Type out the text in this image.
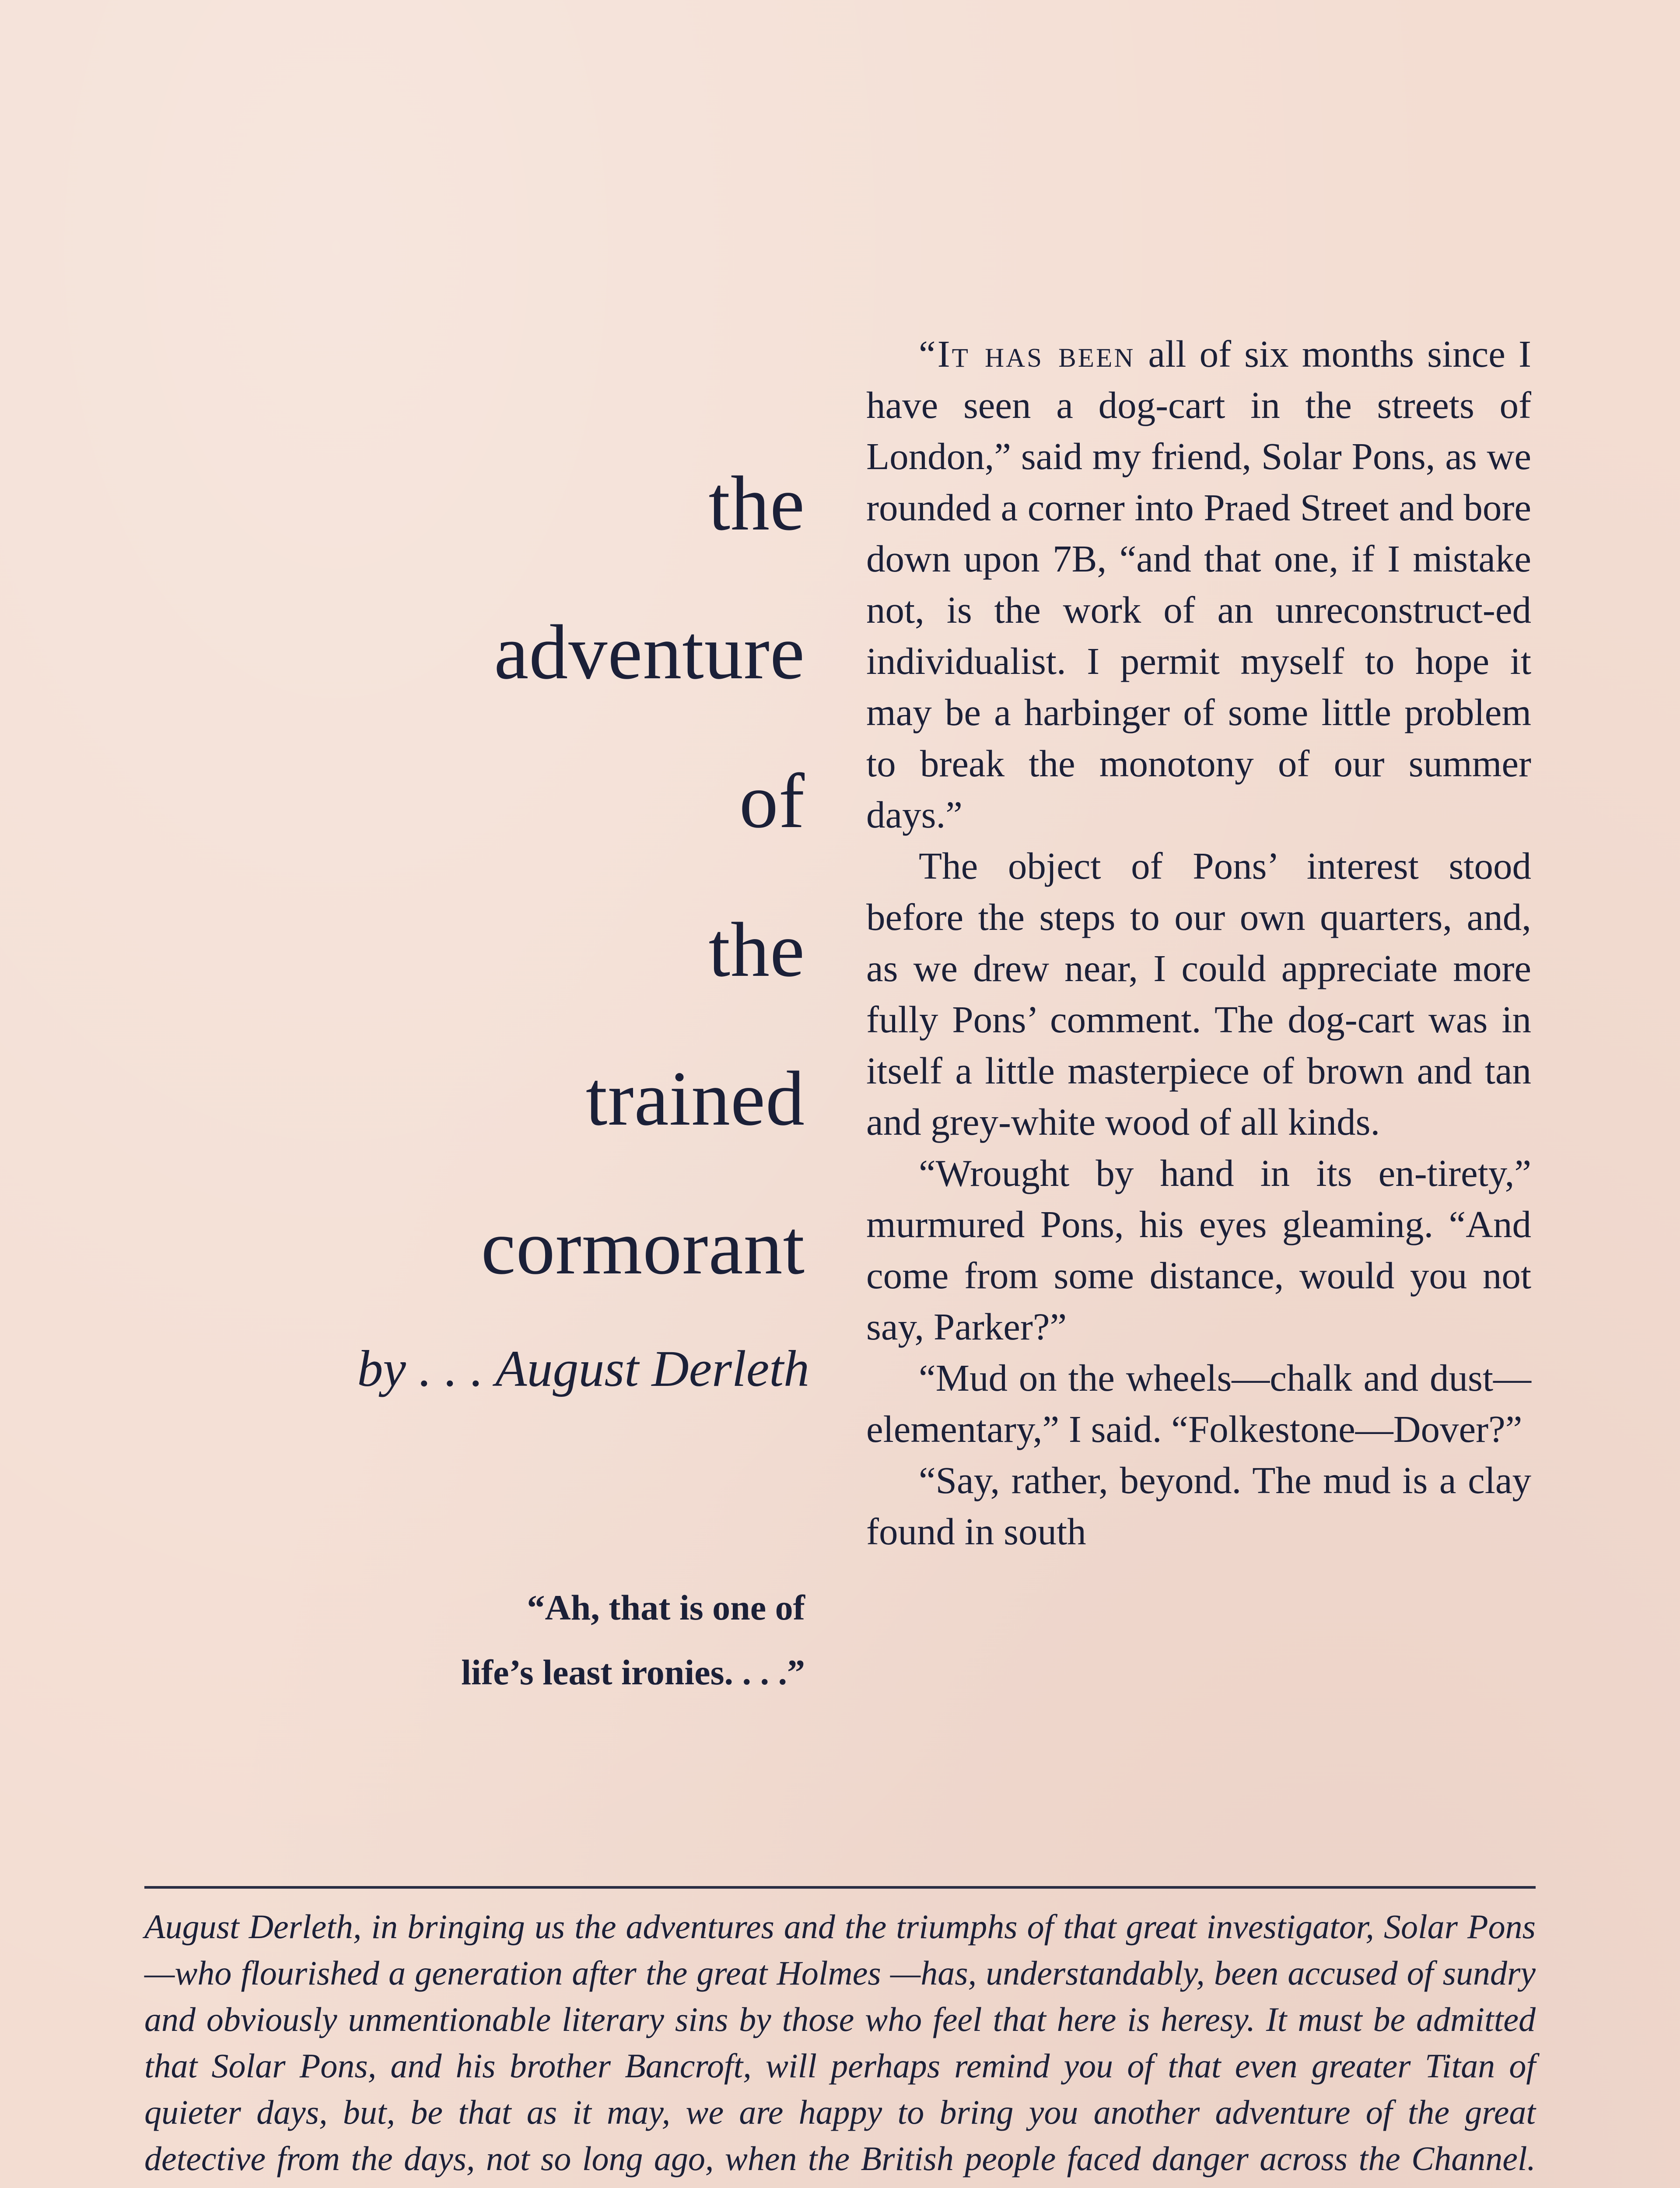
the
adventure
of
the
trained
cormorant
by . . . August Derleth
“Ah, that is one of
life’s least ironies. . . .”

“It has been all of six months since I have seen a dog-cart in the streets of London,” said my friend, Solar Pons, as we rounded a corner into Praed Street and bore down upon 7B, “and that one, if I mistake not, is the work of an unreconstruct-ed individualist. I permit myself to hope it may be a harbinger of some little problem to break the monotony of our summer days.”

The object of Pons’ interest stood before the steps to our own quarters, and, as we drew near, I could appreciate more fully Pons’ comment. The dog-cart was in itself a little masterpiece of brown and tan and grey-white wood of all kinds.

“Wrought by hand in its en-tirety,” murmured Pons, his eyes gleaming. “And come from some distance, would you not say, Parker?”

“Mud on the wheels—chalk and dust—elementary,” I said. “Folkestone—Dover?”

“Say, rather, beyond. The mud is a clay found in south

August Derleth, in bringing us the adventures and the triumphs of that great investigator, Solar Pons—who flourished a generation after the great Holmes —has, understandably, been accused of sundry and obviously unmentionable literary sins by those who feel that here is heresy. It must be admitted that Solar Pons, and his brother Bancroft, will perhaps remind you of that even greater Titan of quieter days, but, be that as it may, we are happy to bring you another adventure of the great detective from the days, not so long ago, when the British people faced danger across the Channel.
